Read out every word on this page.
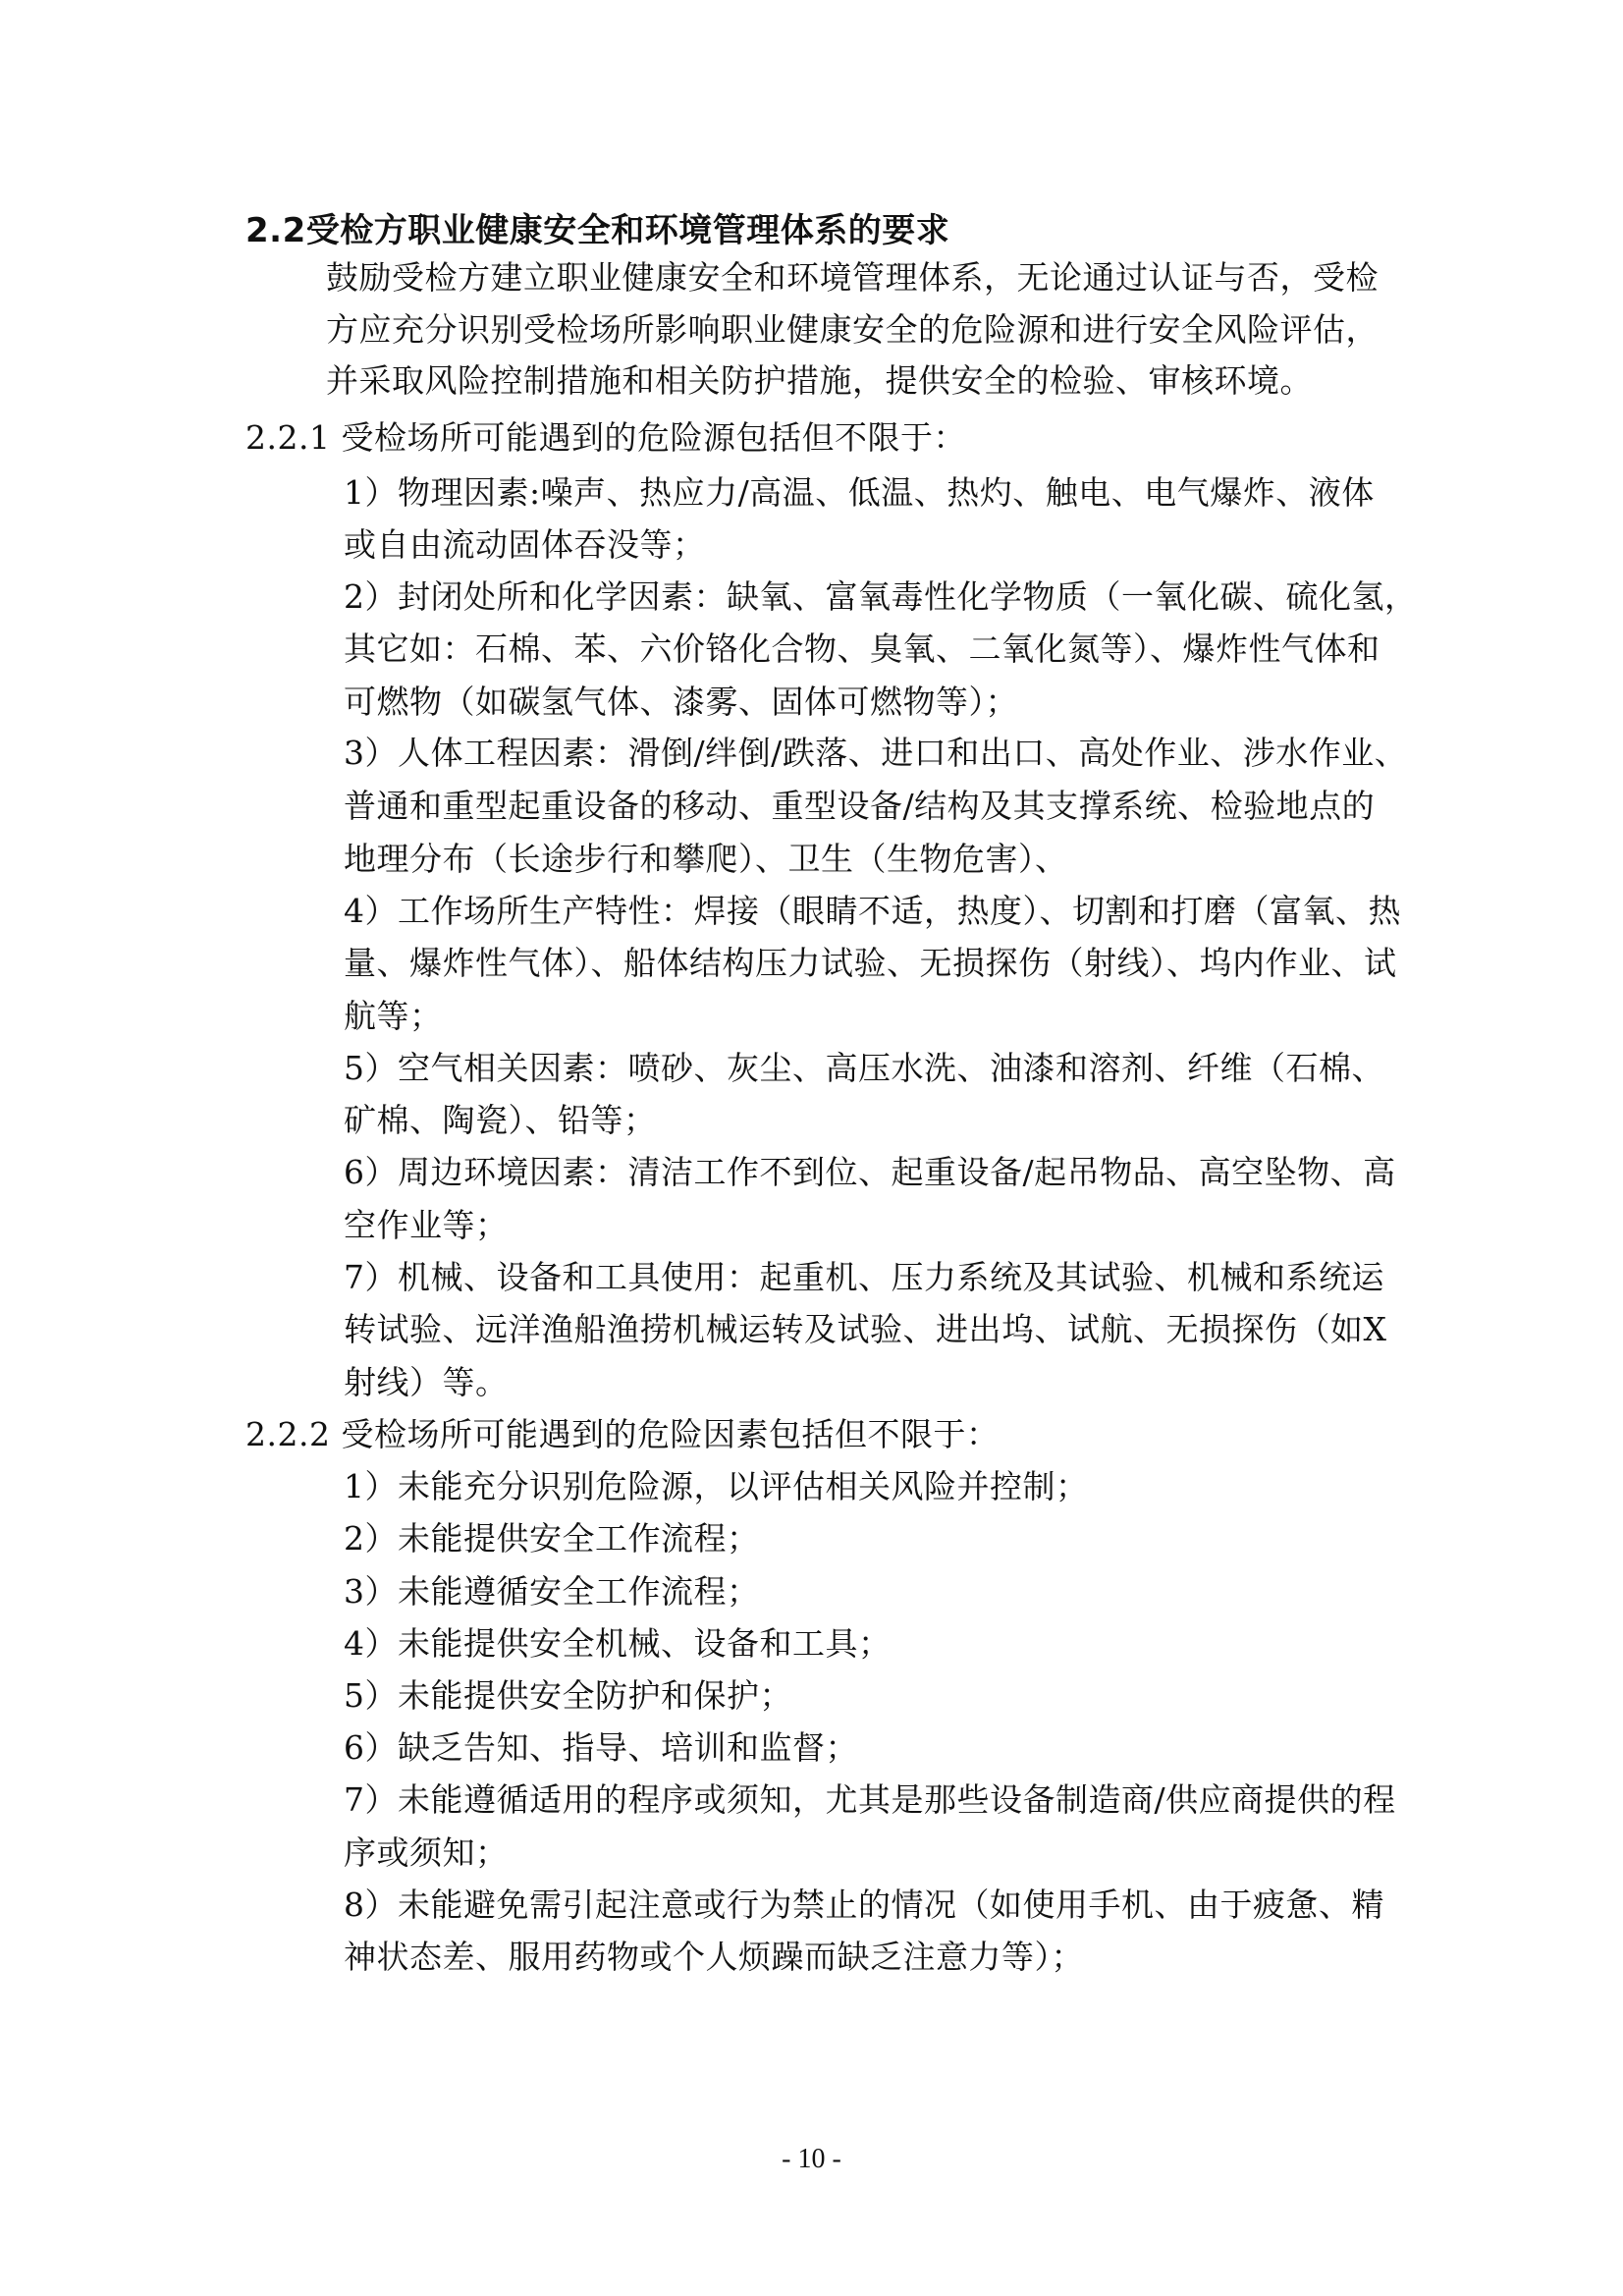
2.2受检方职业健康安全和环境管理体系的要求
鼓励受检方建立职业健康安全和环境管理体系，无论通过认证与否，受检
方应充分识别受检场所影响职业健康安全的危险源和进行安全风险评估，
并采取风险控制措施和相关防护措施，提供安全的检验、审核环境。
2.2.1 受检场所可能遇到的危险源包括但不限于：
1）物理因素:噪声、热应力/高温、低温、热灼、触电、电气爆炸、液体
或自由流动固体吞没等；
2）封闭处所和化学因素：缺氧、富氧毒性化学物质（一氧化碳、硫化氢，
其它如：石棉、苯、六价铬化合物、臭氧、二氧化氮等）、爆炸性气体和
可燃物（如碳氢气体、漆雾、固体可燃物等）；
3）人体工程因素：滑倒/绊倒/跌落、进口和出口、高处作业、涉水作业、
普通和重型起重设备的移动、重型设备/结构及其支撑系统、检验地点的
地理分布（长途步行和攀爬）、卫生（生物危害）、
4）工作场所生产特性：焊接（眼睛不适，热度）、切割和打磨（富氧、热
量、爆炸性气体）、船体结构压力试验、无损探伤（射线）、坞内作业、试
航等；
5）空气相关因素：喷砂、灰尘、高压水洗、油漆和溶剂、纤维（石棉、
矿棉、陶瓷）、铅等；
6）周边环境因素：清洁工作不到位、起重设备/起吊物品、高空坠物、高
空作业等；
7）机械、设备和工具使用：起重机、压力系统及其试验、机械和系统运
转试验、远洋渔船渔捞机械运转及试验、进出坞、试航、无损探伤（如X
射线）等。
2.2.2 受检场所可能遇到的危险因素包括但不限于：
1）未能充分识别危险源，以评估相关风险并控制；
2）未能提供安全工作流程；
3）未能遵循安全工作流程；
4）未能提供安全机械、设备和工具；
5）未能提供安全防护和保护；
6）缺乏告知、指导、培训和监督；
7）未能遵循适用的程序或须知，尤其是那些设备制造商/供应商提供的程
序或须知；
8）未能避免需引起注意或行为禁止的情况（如使用手机、由于疲惫、精
神状态差、服用药物或个人烦躁而缺乏注意力等）；
- 10 -
